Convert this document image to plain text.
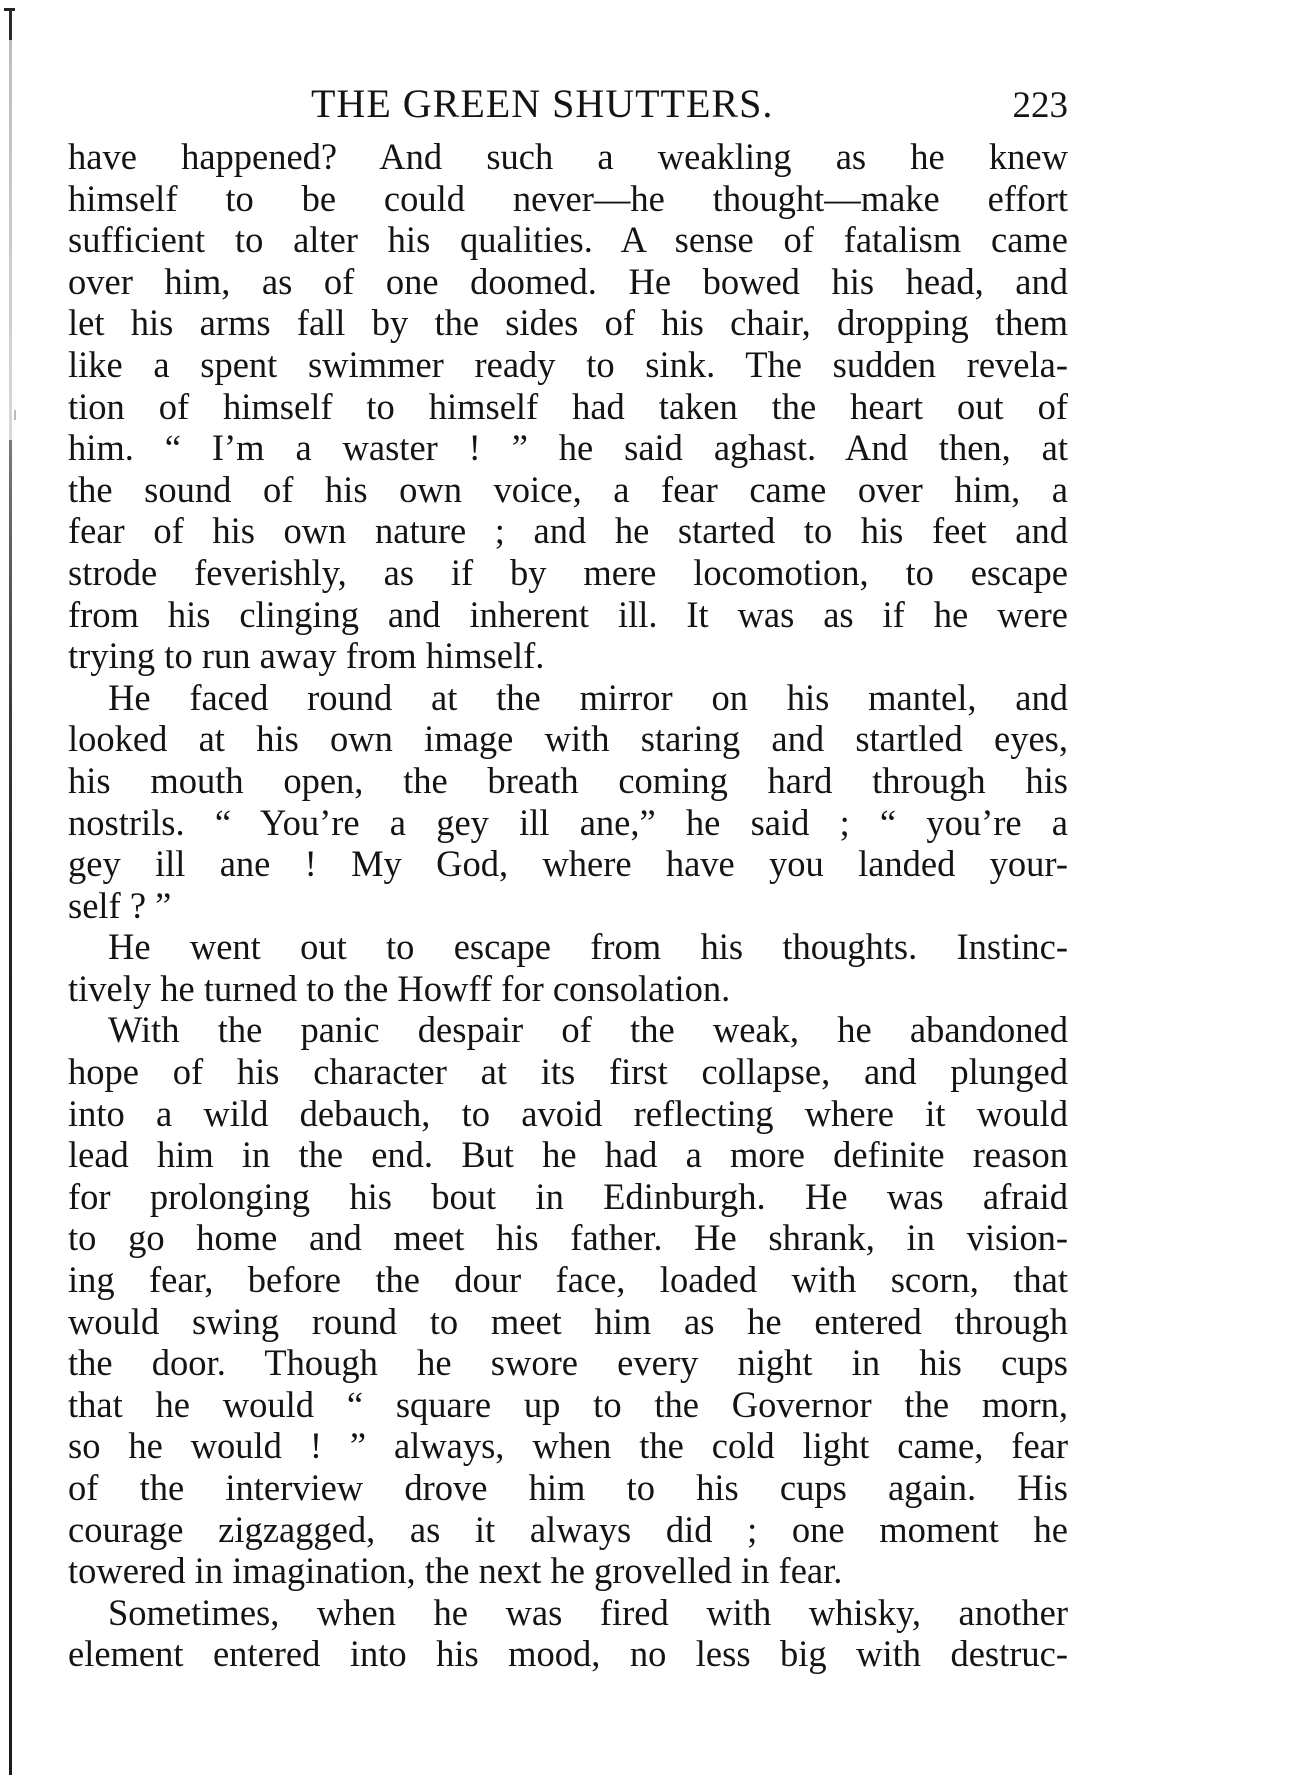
THE GREEN SHUTTERS.	223
have happened? And such a weakling as he knew
himself to be could never—he thought—make effort
sufficient to alter his qualities. A sense of fatalism came
over him, as of one doomed. He bowed his head, and
let his arms fall by the sides of his chair, dropping them
like a spent swimmer ready to sink. The sudden revela-
tion of himself to himself had taken the heart out of
him. “ I’m a waster ! ” he said aghast. And then, at
the sound of his own voice, a fear came over him, a
fear of his own nature ; and he started to his feet and
strode feverishly, as if by mere locomotion, to escape
from his clinging and inherent ill. It was as if he were
trying to run away from himself.
He faced round at the mirror on his mantel, and
looked at his own image with staring and startled eyes,
his mouth open, the breath coming hard through his
nostrils. “ You’re a gey ill ane,” he said ; “ you’re a
gey ill ane ! My God, where have you landed your-
self ? ”
He went out to escape from his thoughts. Instinc-
tively he turned to the Howff for consolation.
With the panic despair of the weak, he abandoned
hope of his character at its first collapse, and plunged
into a wild debauch, to avoid reflecting where it would
lead him in the end. But he had a more definite reason
for prolonging his bout in Edinburgh. He was afraid
to go home and meet his father. He shrank, in vision-
ing fear, before the dour face, loaded with scorn, that
would swing round to meet him as he entered through
the door. Though he swore every night in his cups
that he would “ square up to the Governor the morn,
so he would ! ” always, when the cold light came, fear
of the interview drove him to his cups again. His
courage zigzagged, as it always did ; one moment he
towered in imagination, the next he grovelled in fear.
Sometimes, when he was fired with whisky, another
element entered into his mood, no less big with destruc-
